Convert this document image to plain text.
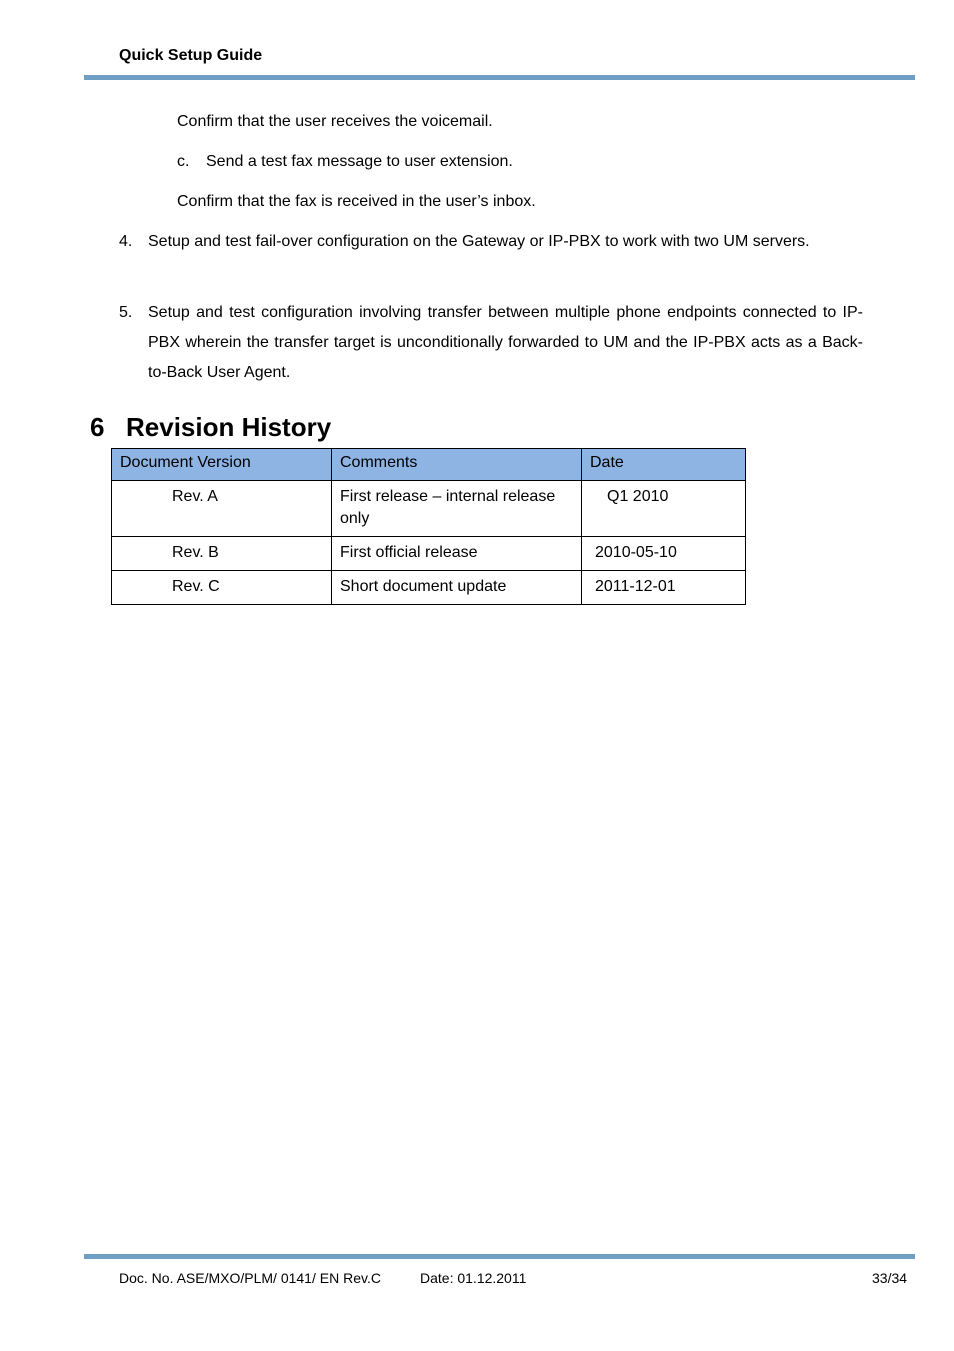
Quick Setup Guide
Confirm that the user receives the voicemail.
c. Send a test fax message to user extension.
Confirm that the fax is received in the user’s inbox.
4. Setup and test fail-over configuration on the Gateway or IP-PBX to work with two UM servers.
5. Setup and test configuration involving transfer between multiple phone endpoints connected to IP-PBX wherein the transfer target is unconditionally forwarded to UM and the IP-PBX acts as a Back-to-Back User Agent.
6 Revision History
Document Version	Comments	Date
Rev. A	First release – internal release only	Q1 2010
Rev. B	First official release	2010-05-10
Rev. C	Short document update	2011-12-01
Doc. No. ASE/MXO/PLM/ 0141/ EN Rev.C	Date: 01.12.2011	33/34
